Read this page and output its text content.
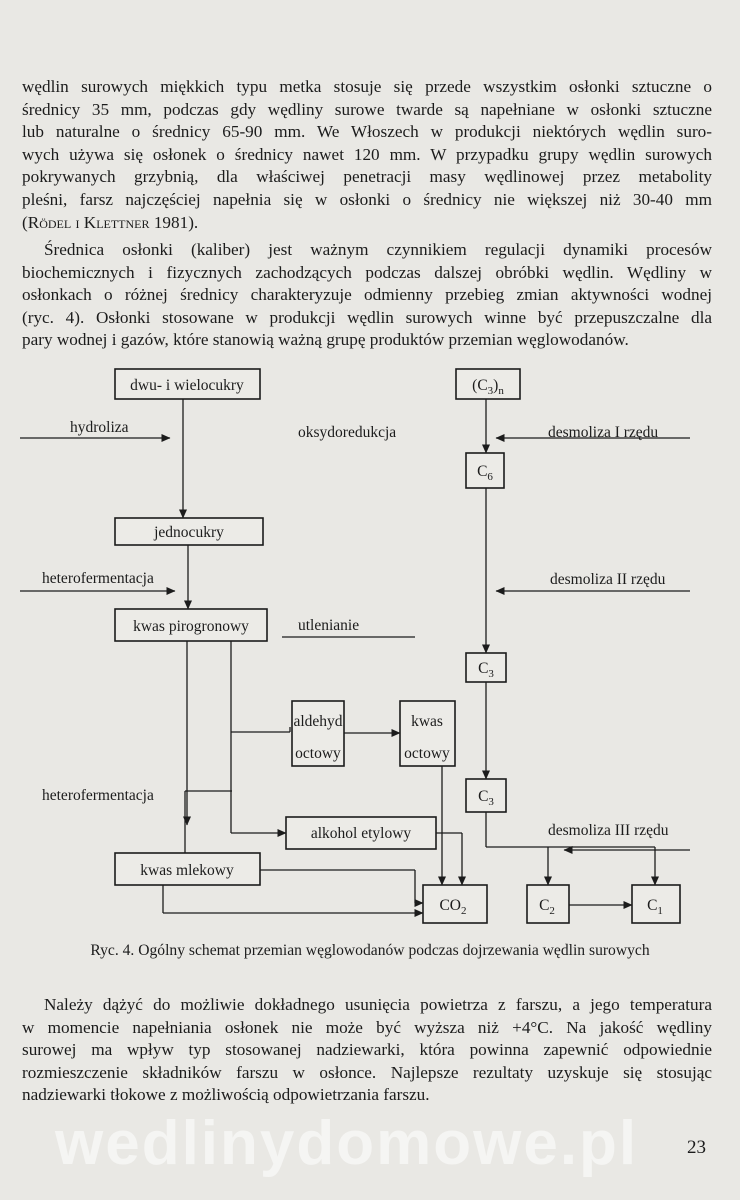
wędlin surowych miękkich typu metka stosuje się przede wszystkim osłonki sztuczne o
średnicy 35 mm, podczas gdy wędliny surowe twarde są napełniane w osłonki sztuczne
lub naturalne o średnicy 65-90 mm. We Włoszech w produkcji niektórych wędlin suro-
wych używa się osłonek o średnicy nawet 120 mm. W przypadku grupy wędlin surowych
pokrywanych grzybnią, dla właściwej penetracji masy wędlinowej przez metabolity
pleśni, farsz najczęściej napełnia się w osłonki o średnicy nie większej niż 30-40 mm
(Rödel i Klettner 1981).

Średnica osłonki (kaliber) jest ważnym czynnikiem regulacji dynamiki procesów
biochemicznych i fizycznych zachodzących podczas dalszej obróbki wędlin. Wędliny w
osłonkach o różnej średnicy charakteryzuje odmienny przebieg zmian aktywności wodnej
(ryc. 4). Osłonki stosowane w produkcji wędlin surowych winne być przepuszczalne dla
pary wodnej i gazów, które stanowią ważną grupę produktów przemian węglowodanów.

dwu- i wielocukry	$(C_3)_n$
$C_6$
jednocukry
kwas pirogronowy
$C_3$
aldehyd
octowy
kwas
octowy
$C_3$
alkohol etylowy
kwas mlekowy
$CO_2$	$C_2$	$C_1$
hydroliza	oksydoredukcja	desmoliza I rzędu
heterofermentacja	desmoliza II rzędu
utlenianie
heterofermentacja
desmoliza III rzędu
Ryc. 4. Ogólny schemat przemian węglowodanów podczas dojrzewania wędlin surowych

Należy dążyć do możliwie dokładnego usunięcia powietrza z farszu, a jego temperatura
w momencie napełniania osłonek nie może być wyższa niż +4°C. Na jakość wędliny
surowej ma wpływ typ stosowanej nadziewarki, która powinna zapewnić odpowiednie
rozmieszczenie składników farszu w osłonce. Najlepsze rezultaty uzyskuje się stosując
nadziewarki tłokowe z możliwością odpowietrzania farszu.

wedlinydomowe.pl	23
